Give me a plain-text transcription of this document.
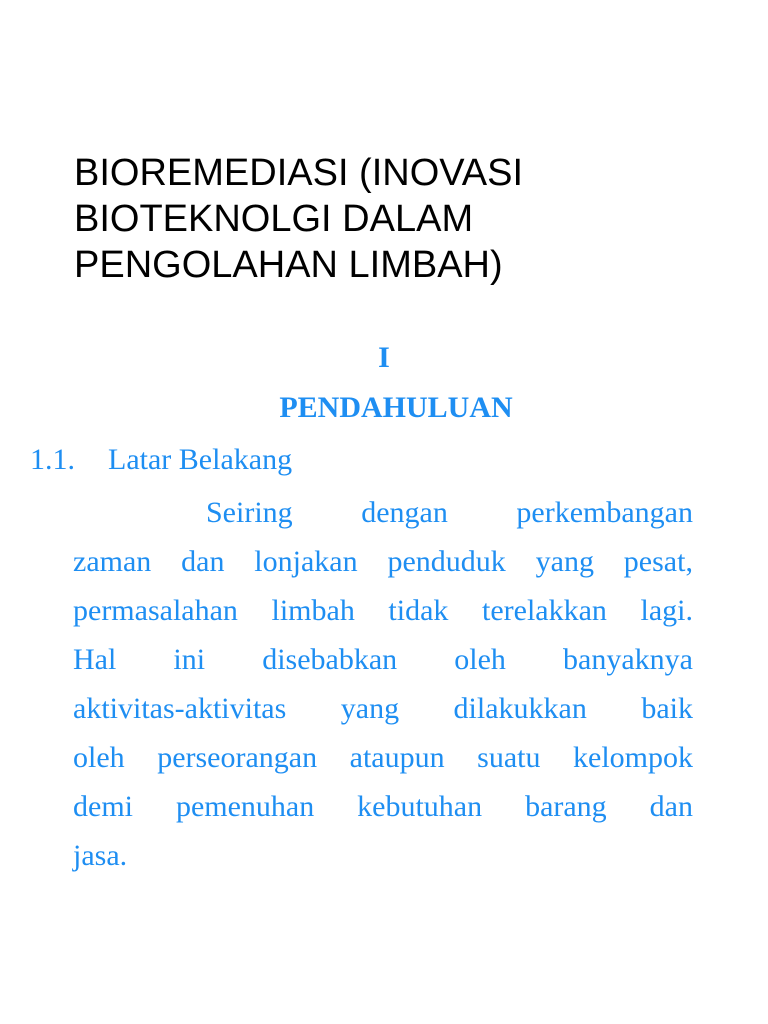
BIOREMEDIASI (INOVASI
BIOTEKNOLGI DALAM
PENGOLAHAN LIMBAH)

I

PENDAHULUAN

1.1. Latar Belakang

Seiring dengan perkembangan
zaman dan lonjakan penduduk yang pesat,
permasalahan limbah tidak terelakkan lagi.
Hal ini disebabkan oleh banyaknya
aktivitas-aktivitas yang dilakukkan baik
oleh perseorangan ataupun suatu kelompok
demi pemenuhan kebutuhan barang dan
jasa.
